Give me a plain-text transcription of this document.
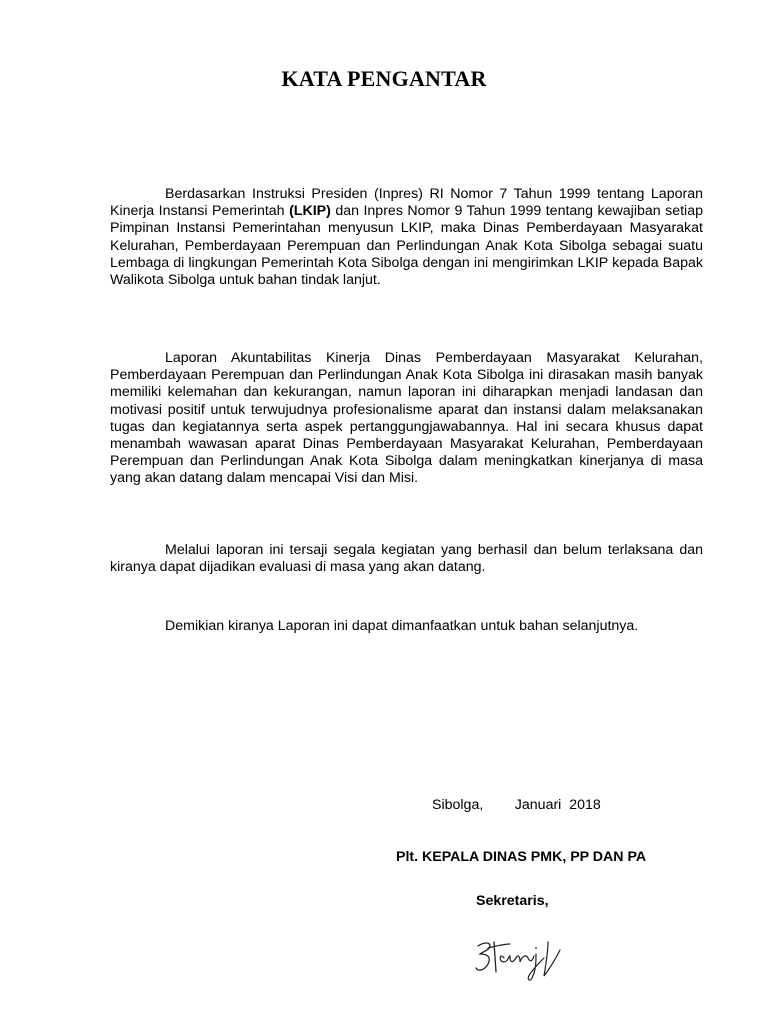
KATA PENGANTAR

Berdasarkan Instruksi Presiden (Inpres) RI Nomor 7 Tahun 1999 tentang Laporan Kinerja Instansi Pemerintah (LKIP) dan Inpres Nomor 9 Tahun 1999 tentang kewajiban setiap Pimpinan Instansi Pemerintahan menyusun LKIP, maka Dinas Pemberdayaan Masyarakat Kelurahan, Pemberdayaan Perempuan dan Perlindungan Anak Kota Sibolga sebagai suatu Lembaga di lingkungan Pemerintah Kota Sibolga dengan ini mengirimkan LKIP kepada Bapak Walikota Sibolga untuk bahan tindak lanjut.

Laporan Akuntabilitas Kinerja Dinas Pemberdayaan Masyarakat Kelurahan, Pemberdayaan Perempuan dan Perlindungan Anak Kota Sibolga ini dirasakan masih banyak memiliki kelemahan dan kekurangan, namun laporan ini diharapkan menjadi landasan dan motivasi positif untuk terwujudnya profesionalisme aparat dan instansi dalam melaksanakan tugas dan kegiatannya serta aspek pertanggungjawabannya. Hal ini secara khusus dapat menambah wawasan aparat Dinas Pemberdayaan Masyarakat Kelurahan, Pemberdayaan Perempuan dan Perlindungan Anak Kota Sibolga dalam meningkatkan kinerjanya di masa yang akan datang dalam mencapai Visi dan Misi.

Melalui laporan ini tersaji segala kegiatan yang berhasil dan belum terlaksana dan kiranya dapat dijadikan evaluasi di masa yang akan datang.

Demikian kiranya Laporan ini dapat dimanfaatkan untuk bahan selanjutnya.

Sibolga,        Januari  2018
Plt. KEPALA DINAS PMK, PP DAN PA
Sekretaris,
